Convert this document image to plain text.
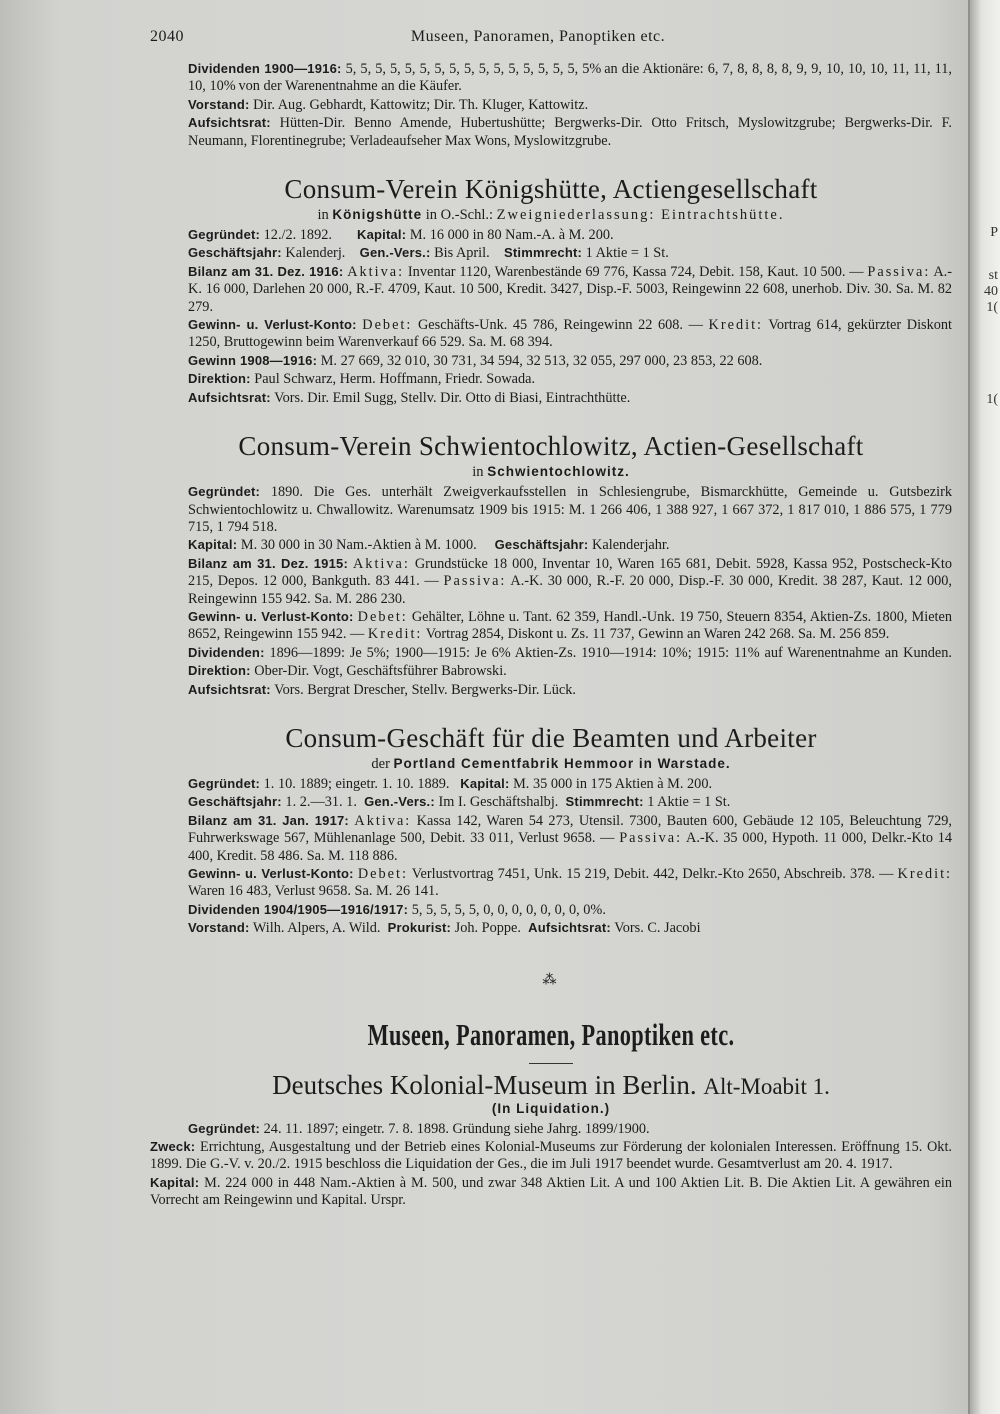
P
st
40
1(
1(
2040	Museen, Panoramen, Panoptiken etc.

Dividenden 1900—1916: 5, 5, 5, 5, 5, 5, 5, 5, 5, 5, 5, 5, 5, 5, 5, 5, 5% an die Aktionäre: 6, 7, 8, 8, 8, 8, 9, 9, 10, 10, 10, 11, 11, 11, 10, 10% von der Warenentnahme an die Käufer.

Vorstand: Dir. Aug. Gebhardt, Kattowitz; Dir. Th. Kluger, Kattowitz.

Aufsichtsrat: Hütten-Dir. Benno Amende, Hubertushütte; Bergwerks-Dir. Otto Fritsch, Myslowitzgrube; Bergwerks-Dir. F. Neumann, Florentinegrube; Verladeaufseher Max Wons, Myslowitzgrube.

Consum-Verein Königshütte, Actiengesellschaft
in Königshütte in O.-Schl.: Zweigniederlassung: Eintrachtshütte.

Gegründet: 12./2. 1892. Kapital: M. 16 000 in 80 Nam.-A. à M. 200.

Geschäftsjahr: Kalenderj. Gen.-Vers.: Bis April. Stimmrecht: 1 Aktie = 1 St.

Bilanz am 31. Dez. 1916: Aktiva: Inventar 1120, Warenbestände 69 776, Kassa 724, Debit. 158, Kaut. 10 500. — Passiva: A.-K. 16 000, Darlehen 20 000, R.-F. 4709, Kaut. 10 500, Kredit. 3427, Disp.-F. 5003, Reingewinn 22 608, unerhob. Div. 30. Sa. M. 82 279.

Gewinn- u. Verlust-Konto: Debet: Geschäfts-Unk. 45 786, Reingewinn 22 608. — Kredit: Vortrag 614, gekürzter Diskont 1250, Bruttogewinn beim Warenverkauf 66 529. Sa. M. 68 394.

Gewinn 1908—1916: M. 27 669, 32 010, 30 731, 34 594, 32 513, 32 055, 297 000, 23 853, 22 608.

Direktion: Paul Schwarz, Herm. Hoffmann, Friedr. Sowada.

Aufsichtsrat: Vors. Dir. Emil Sugg, Stellv. Dir. Otto di Biasi, Eintrachthütte.

Consum-Verein Schwientochlowitz, Actien-Gesellschaft
in Schwientochlowitz.

Gegründet: 1890. Die Ges. unterhält Zweigverkaufsstellen in Schlesiengrube, Bismarckhütte, Gemeinde u. Gutsbezirk Schwientochlowitz u. Chwallowitz. Warenumsatz 1909 bis 1915: M. 1 266 406, 1 388 927, 1 667 372, 1 817 010, 1 886 575, 1 779 715, 1 794 518.

Kapital: M. 30 000 in 30 Nam.-Aktien à M. 1000. Geschäftsjahr: Kalenderjahr.

Bilanz am 31. Dez. 1915: Aktiva: Grundstücke 18 000, Inventar 10, Waren 165 681, Debit. 5928, Kassa 952, Postscheck-Kto 215, Depos. 12 000, Bankguth. 83 441. — Passiva: A.-K. 30 000, R.-F. 20 000, Disp.-F. 30 000, Kredit. 38 287, Kaut. 12 000, Reingewinn 155 942. Sa. M. 286 230.

Gewinn- u. Verlust-Konto: Debet: Gehälter, Löhne u. Tant. 62 359, Handl.-Unk. 19 750, Steuern 8354, Aktien-Zs. 1800, Mieten 8652, Reingewinn 155 942. — Kredit: Vortrag 2854, Diskont u. Zs. 11 737, Gewinn an Waren 242 268. Sa. M. 256 859.

Dividenden: 1896—1899: Je 5%; 1900—1915: Je 6% Aktien-Zs. 1910—1914: 10%; 1915: 11% auf Warenentnahme an Kunden. Direktion: Ober-Dir. Vogt, Geschäftsführer Babrowski.

Aufsichtsrat: Vors. Bergrat Drescher, Stellv. Bergwerks-Dir. Lück.

Consum-Geschäft für die Beamten und Arbeiter
der Portland Cementfabrik Hemmoor in Warstade.

Gegründet: 1. 10. 1889; eingetr. 1. 10. 1889. Kapital: M. 35 000 in 175 Aktien à M. 200.

Geschäftsjahr: 1. 2.—31. 1. Gen.-Vers.: Im I. Geschäftshalbj. Stimmrecht: 1 Aktie = 1 St.

Bilanz am 31. Jan. 1917: Aktiva: Kassa 142, Waren 54 273, Utensil. 7300, Bauten 600, Gebäude 12 105, Beleuchtung 729, Fuhrwerkswage 567, Mühlenanlage 500, Debit. 33 011, Verlust 9658. — Passiva: A.-K. 35 000, Hypoth. 11 000, Delkr.-Kto 14 400, Kredit. 58 486. Sa. M. 118 886.

Gewinn- u. Verlust-Konto: Debet: Verlustvortrag 7451, Unk. 15 219, Debit. 442, Delkr.-Kto 2650, Abschreib. 378. — Kredit: Waren 16 483, Verlust 9658. Sa. M. 26 141.

Dividenden 1904/1905—1916/1917: 5, 5, 5, 5, 5, 0, 0, 0, 0, 0, 0, 0, 0%.

Vorstand: Wilh. Alpers, A. Wild. Prokurist: Joh. Poppe. Aufsichtsrat: Vors. C. Jacobi

⁂
Museen, Panoramen, Panoptiken etc.
Deutsches Kolonial-Museum in Berlin. Alt-Moabit 1.
(In Liquidation.)

Gegründet: 24. 11. 1897; eingetr. 7. 8. 1898. Gründung siehe Jahrg. 1899/1900.

Zweck: Errichtung, Ausgestaltung und der Betrieb eines Kolonial-Museums zur Förderung der kolonialen Interessen. Eröffnung 15. Okt. 1899. Die G.-V. v. 20./2. 1915 beschloss die Liquidation der Ges., die im Juli 1917 beendet wurde. Gesamtverlust am 20. 4. 1917.

Kapital: M. 224 000 in 448 Nam.-Aktien à M. 500, und zwar 348 Aktien Lit. A und 100 Aktien Lit. B. Die Aktien Lit. A gewähren ein Vorrecht am Reingewinn und Kapital. Urspr.
